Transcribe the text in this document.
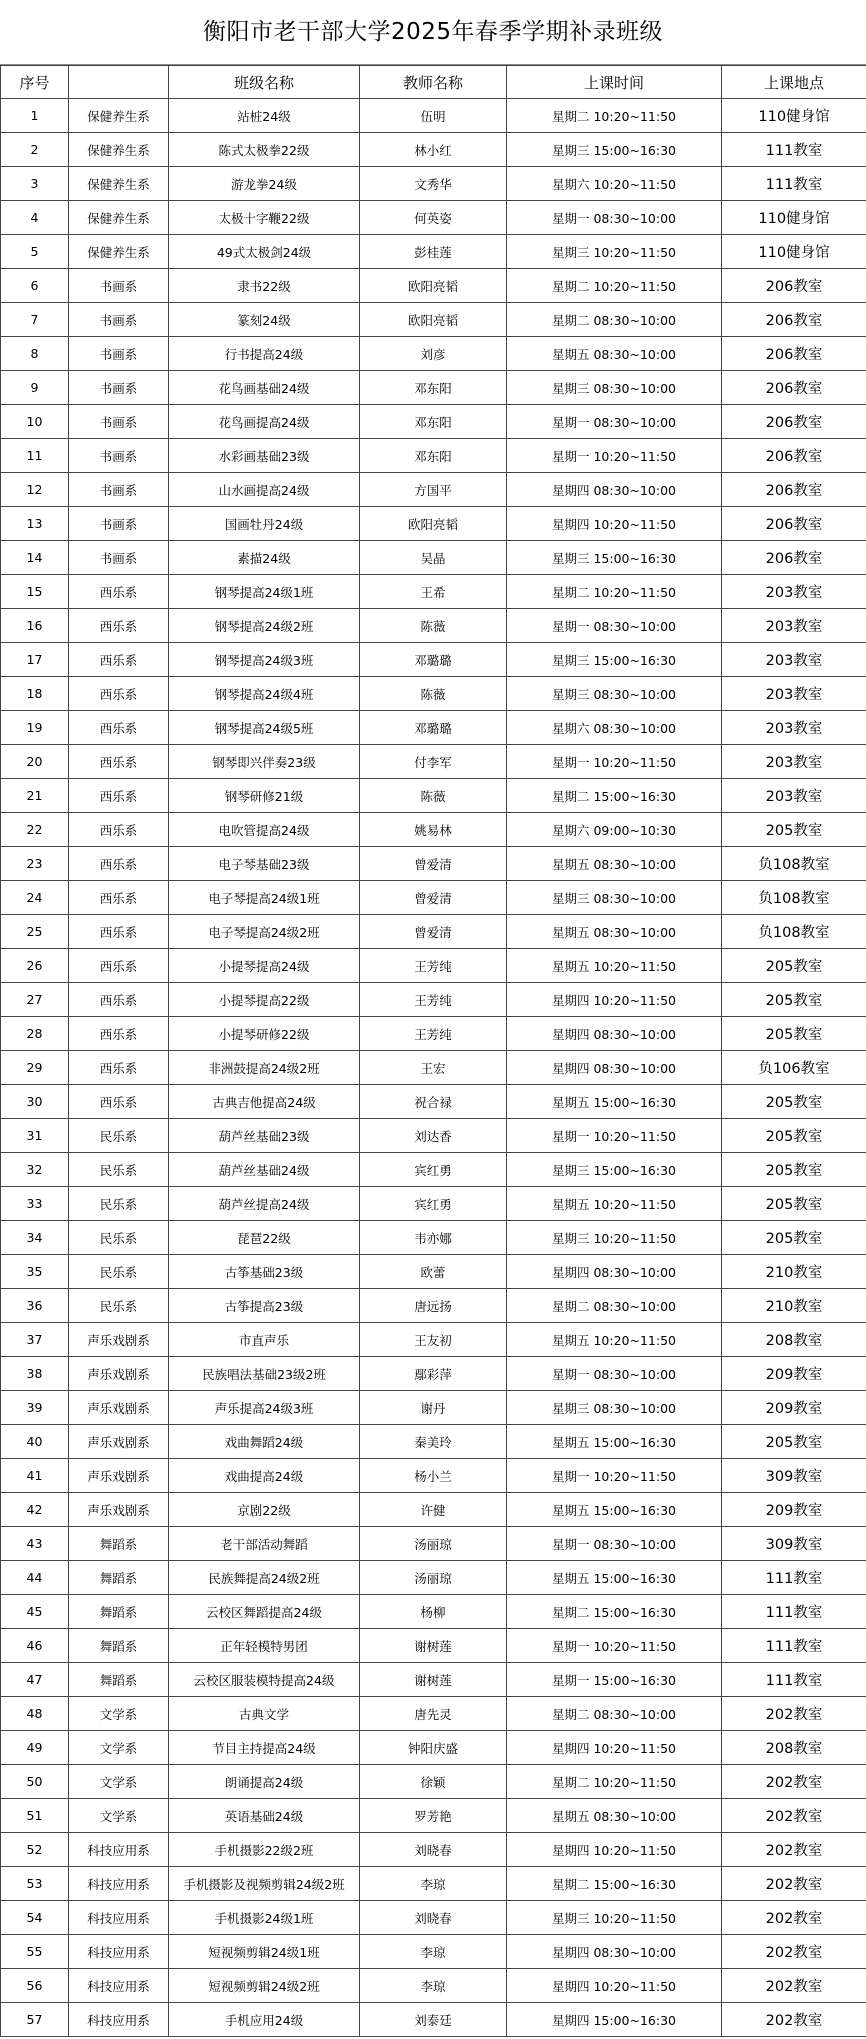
衡阳市老干部大学2025年春季学期补录班级
序号		班级名称	教师名称	上课时间	上课地点
1	保健养生系	站桩24级	伍明	星期二 10:20~11:50	110健身馆
2	保健养生系	陈式太极拳22级	林小红	星期三 15:00~16:30	111教室
3	保健养生系	游龙拳24级	文秀华	星期六 10:20~11:50	111教室
4	保健养生系	太极十字鞭22级	何英姿	星期一 08:30~10:00	110健身馆
5	保健养生系	49式太极剑24级	彭桂莲	星期三 10:20~11:50	110健身馆
6	书画系	隶书22级	欧阳亮韬	星期二 10:20~11:50	206教室
7	书画系	篆刻24级	欧阳亮韬	星期二 08:30~10:00	206教室
8	书画系	行书提高24级	刘彦	星期五 08:30~10:00	206教室
9	书画系	花鸟画基础24级	邓东阳	星期三 08:30~10:00	206教室
10	书画系	花鸟画提高24级	邓东阳	星期一 08:30~10:00	206教室
11	书画系	水彩画基础23级	邓东阳	星期一 10:20~11:50	206教室
12	书画系	山水画提高24级	方国平	星期四 08:30~10:00	206教室
13	书画系	国画牡丹24级	欧阳亮韬	星期四 10:20~11:50	206教室
14	书画系	素描24级	吴晶	星期三 15:00~16:30	206教室
15	西乐系	钢琴提高24级1班	王希	星期二 10:20~11:50	203教室
16	西乐系	钢琴提高24级2班	陈薇	星期一 08:30~10:00	203教室
17	西乐系	钢琴提高24级3班	邓璐璐	星期三 15:00~16:30	203教室
18	西乐系	钢琴提高24级4班	陈薇	星期三 08:30~10:00	203教室
19	西乐系	钢琴提高24级5班	邓璐璐	星期六 08:30~10:00	203教室
20	西乐系	钢琴即兴伴奏23级	付李军	星期一 10:20~11:50	203教室
21	西乐系	钢琴研修21级	陈薇	星期二 15:00~16:30	203教室
22	西乐系	电吹管提高24级	姚易林	星期六 09:00~10:30	205教室
23	西乐系	电子琴基础23级	曾爱清	星期五 08:30~10:00	负108教室
24	西乐系	电子琴提高24级1班	曾爱清	星期三 08:30~10:00	负108教室
25	西乐系	电子琴提高24级2班	曾爱清	星期五 08:30~10:00	负108教室
26	西乐系	小提琴提高24级	王芳纯	星期五 10:20~11:50	205教室
27	西乐系	小提琴提高22级	王芳纯	星期四 10:20~11:50	205教室
28	西乐系	小提琴研修22级	王芳纯	星期四 08:30~10:00	205教室
29	西乐系	非洲鼓提高24级2班	王宏	星期四 08:30~10:00	负106教室
30	西乐系	古典吉他提高24级	祝合禄	星期五 15:00~16:30	205教室
31	民乐系	葫芦丝基础23级	刘达香	星期一 10:20~11:50	205教室
32	民乐系	葫芦丝基础24级	宾红勇	星期三 15:00~16:30	205教室
33	民乐系	葫芦丝提高24级	宾红勇	星期五 10:20~11:50	205教室
34	民乐系	琵琶22级	韦亦娜	星期三 10:20~11:50	205教室
35	民乐系	古筝基础23级	欧蕾	星期四 08:30~10:00	210教室
36	民乐系	古筝提高23级	唐远扬	星期二 08:30~10:00	210教室
37	声乐戏剧系	市直声乐	王友初	星期五 10:20~11:50	208教室
38	声乐戏剧系	民族唱法基础23级2班	鄢彩萍	星期一 08:30~10:00	209教室
39	声乐戏剧系	声乐提高24级3班	谢丹	星期三 08:30~10:00	209教室
40	声乐戏剧系	戏曲舞蹈24级	秦美玲	星期五 15:00~16:30	205教室
41	声乐戏剧系	戏曲提高24级	杨小兰	星期一 10:20~11:50	309教室
42	声乐戏剧系	京剧22级	许健	星期五 15:00~16:30	209教室
43	舞蹈系	老干部活动舞蹈	汤丽琼	星期一 08:30~10:00	309教室
44	舞蹈系	民族舞提高24级2班	汤丽琼	星期五 15:00~16:30	111教室
45	舞蹈系	云校区舞蹈提高24级	杨柳	星期二 15:00~16:30	111教室
46	舞蹈系	正年轻模特男团	谢树莲	星期一 10:20~11:50	111教室
47	舞蹈系	云校区服装模特提高24级	谢树莲	星期一 15:00~16:30	111教室
48	文学系	古典文学	唐先灵	星期二 08:30~10:00	202教室
49	文学系	节目主持提高24级	钟阳庆盛	星期四 10:20~11:50	208教室
50	文学系	朗诵提高24级	徐颖	星期二 10:20~11:50	202教室
51	文学系	英语基础24级	罗芳艳	星期五 08:30~10:00	202教室
52	科技应用系	手机摄影22级2班	刘晓春	星期四 10:20~11:50	202教室
53	科技应用系	手机摄影及视频剪辑24级2班	李琼	星期二 15:00~16:30	202教室
54	科技应用系	手机摄影24级1班	刘晓春	星期三 10:20~11:50	202教室
55	科技应用系	短视频剪辑24级1班	李琼	星期四 08:30~10:00	202教室
56	科技应用系	短视频剪辑24级2班	李琼	星期四 10:20~11:50	202教室
57	科技应用系	手机应用24级	刘泰廷	星期四 15:00~16:30	202教室
